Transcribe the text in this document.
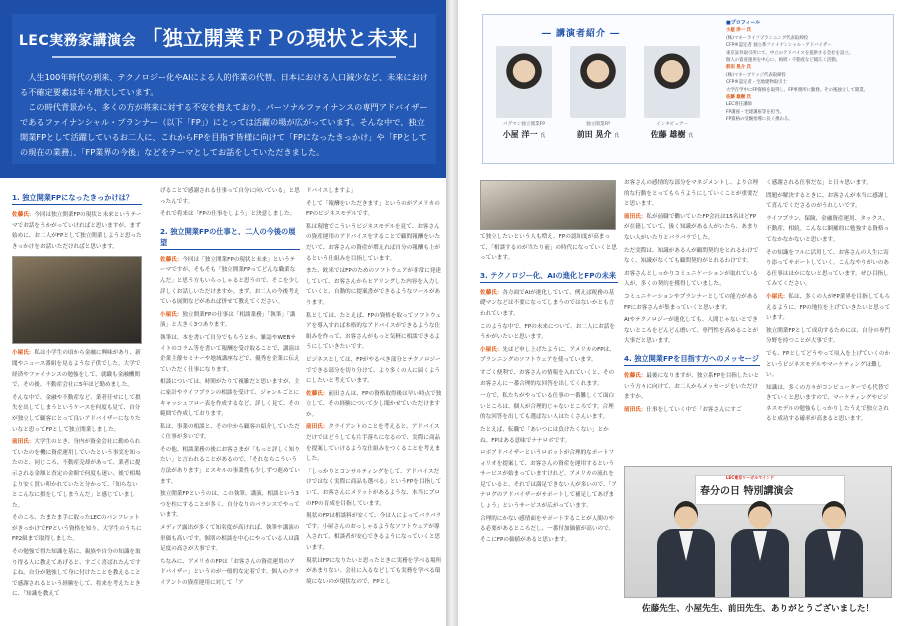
LEC実務家講演会 「独立開業ＦＰの現状と未来」

人生100年時代の到来、テクノロジー化やAIによる人的作業の代替、日本における人口減少など、未来における不確定要素は年々増大しています。

この時代背景から、多くの方が将来に対する不安を抱えており、パーソナルファイナンスの専門アドバイザーであるファイナンシャル・プランナー（以下「FP」）にとっては活躍の場が広がっています。そんな中で、独立開業FPとして活躍しているお二人に、これからFPを目指す皆様に向けて「FPになったきっかけ」や「FPとしての現在の業務」、「FP業界の今後」などをテーマとしてお話をしていただきました。

1. 独立開業FPになったきっかけは？

佐藤氏：今回は独立開業FPの現状と未来というテーマでお話をうかがっていければと思いますが、まず始めに、お二人がFPとして独立開業しようと思ったきっかけをお話いただければと思います。

小屋氏：私は小学生の頃から金融に興味があり、新聞やニュース番組を見るような子供でした。大学で経済やファイナンスの勉強をして、就職も金融機関で、その後、不動産会社に5年ほど勤めました。

そんな中で、金融や不動産など、業者任せにして損失を出してしまうというケースを何度も見て、自分が独立して顧客にとって良いアドバイザーになりたいなと思ってFPとして独立開業しました。

前田氏：大学生のとき、身内が資金会社に勤められていたのを機に資産運用していたという事実を知ったのと、同じころ、不動産売却があって、業者に提示される金額と査定の金額で何度も迷い、後で相場より安く買い叩かれていたと分かって、「知らないとこんなに損をしてしまうんだ」と感じていました。

そのころ、たまたま手に取ったLECのパンフレットがきっかけでFPという資格を知り、大学生のうちにFP2級まで取得しました。

その勉強で得た知識を基に、親族や自分の知識を取り得る人に教えてあげると、すごく喜ばれたんですよね。自分が勉強して身に付けたことを教えることで感謝されるという経験をして、将来を考えたときに、「知識を教えて

げることで感謝される仕事って自分に向いている」と思ったんです。

それで将来は「FPの仕事をしよう」と決意しました。

2. 独立開業FPの仕事と、二人の今後の展望

佐藤氏：今回は「独立開業FPの現状と未来」というテーマですが、そもそも「独立開業FPってどんな職業なんだ」と思う方もいらっしゃると思うので、そこを少し詳しくお話しいただけますか。まず、お二人の今後考えている展開などがあれば併せて教えてください。

小屋氏：独立開業FPの仕事は「相談業務」「執筆」「講演」と大きく3つあります。

執筆は、本を書いて自分でもらうとか、雑誌やWEBサイトのコラム等を書いて報酬を受け取ることで、講演は企業主催セミナーや地域講座などで、優秀を企業に伝えていただく仕事になります。

相談については、時間がたりて複雑だと思いますが、主に家計やライフプランの相談を受けて、ジャンルごとにキャッシュフロー表を作成するなど、詳しく見て、その範囲で作成しております。

私は、事業の相談と、その中から顧客の紹介していただく仕事が多いです。

その他、相談業務の後にお客さまが「もっと詳しく知りたい」と言われることがあるので、「それならこういう方法があります」とスキルの事業性も少しずつ進めています。

独立開業FPというのは、この執筆、講演、相談という3つを柱にすることが多く、自分なりのバランスでやっています。

メディア露出が多くて知名度が高ければ、執筆や講演の単価も高いです。個別の相談を中心にやっている人は満足度の高さが大事です。

ちなみに、アメリカのFPは「お客さんの資産運用のアドバイザー」というのが一般的な定着です。個人のクライアントの資産運用に対して「ア

ドバイスしますよ」

そして「報酬をいただきます」というのがアメリカのFPのビジネスモデルです。

私は現地でこういうビジネスモデルを見て、お客さんの資産運用のアドバイスをすることで顧問報酬をいただいて、お客さんの資産が増えれば自分の報酬も上がるという仕組みを目指しています。

また、欧米ではFPのためのソフトウェアが非常に発達していて、お客さんからヒアリングした内容を入力していくと、自動的に提案書ができるようなツールがあります。

私としては、たとえば、FPの資格を取ってソフトウェアを導入すれば本格的なアドバイスができるような仕組みを作って、お客さんがもっと気軽に相談できるようにしていきたいです。

ビジネスとしては、FPがやるべき部分とテクノロジーでできる部分を切り分けて、より多くの人に届くようにしたいと考えています。

佐藤氏：前田さんは、FPの資格取得後は早い時点で独立して、その経験について少し聞かせていただけますか。

前田氏：クライアントのことを考えると、アドバイスだけではどうしても片手落ちになるので、実際に商品を提案していけるような仕組みをつくることを考えました。

「しっかりとコンサルティングをして、アドバイスだけではなく実際に商品も選べる」というFPを目指していて、お客さんにメリットがあるような、本当にプロのFPの育成を目指しています。

現状のFPは相談料が安くて、今は人によってバラバラです。小屋さんのおっしゃるようなソフトウェアが導入されて、相談者が安心できるようになっていくと思います。

現状はFPになりたいと思ったときに実務を学べる場所があまりない。会社に入るなどしても実務を学べる環境にないのが現状なので、FPとし

― 講演者紹介 ―
パグマン独立開業FP
小屋 洋一 氏
独立開業FP
前田 晃介 氏
インタビュアー
佐藤 雄樹 氏
■プロフィール
小屋 洋一 氏
(株)マネーライフプランニング代表取締役
CFP®認定者 独立系ファイナンシャル・アドバイザー
東京証券取引所にて、中立のアドバイスを提供する会社を設立。
個人の資産運用を中心に、相続・不動産など幅広く活動。
前田 晃介 氏
(株)マネーブリッジ代表取締役
CFP®認定者・宅地建物取引士
大学在学中にFP資格を取得し、FP事務所に勤務。その後独立して開業。
佐藤 雄樹 氏
LEC専任講師
FP講座・宅建講座等を担当。
FP資格の受験指導に長く携わる。

て独立したいという人も増え、FPの認知度が高まって、「相談するのが当たり前」の時代になっていくと思っています。

3. テクノロジー化、AIの進化とFPの未来

佐藤氏：各方面でAIが進化していて、例えば税務の基礎マンなどは不要になってしまうのではないかとも言われています。

このような中で、FPの未来について、お二人にお話をうかがいたいと思います。

小屋氏：先ほど申し上げたように、アメリカのFPは、プランニングのソフトウェアを使っています。

すごく便利で、お客さんの情報を入れていくと、そのお客さんに一番合理的な回答を出してくれます。

一方で、私たちがやっている仕事の一番難しくて面白いところは、個人が合理的じゃないところです。合理的な回答を出しても選ばない人はたくさんいます。

たとえば、転職で「あいつには負けたくない」とかね。FPはある意味でナナロボです。

ロボアドバイザーというロボットが合理的なポートフォリオを提案して、お客さんの資産を運用するというサービスが始まっていますけれど、アメリカの流れを見ていると、それでは満足できない人が多いので、「アナログのアドバイザーがサポートして補足してあげましょう」というサービスが広がっています。

合理的にかない感情面をサポートすることが人間のやる必要があるところだし、一番付加価値が高いので、そこにFPの価値があると思います。

お客さんの感情的な部分をマネジメントし、より合理的な行動をとってもらうようにしていくことが重要だと思います。

前田氏：私が前職で働いていたFP会社は15名ほどFPが在籍していて、扱く知識がある人がいたら、あまりない人がいたりとバラバラでした。

ただ実際は、知識がある人が顧問契約をとれるわけでなく、知識がなくても顧問契約がとれるわけです。

お客さんとしっかりコミュニケーションが取れている人が、多くの契約を獲得していました。

コミュニケーションやプランナーとしての能力があるFPにお客さんが集まっていくと思います。

AIやテクノロジーが進化しても、人間じゃないとできないところをどんどん磨いて、専門性を高めることが大事だと思います。

4. 独立開業FPを目指す方へのメッセージ

佐藤氏：最後になりますが、独立系FPを目指したいという方々に向けて、お二人からメッセージをいただけますか。

前田氏：仕事をしていく中で「お客さんにすご

く感謝される仕事だな」と日々思います。

問題が解決するときに、お客さんが本当に感謝して喜んでくださるのがうれしいです。

ライフプラン、保険、金融資産運用、タックス、不動産、相続。こんなに網羅的に勉強する資格ってなかなかないと思います。

その知識をフルに活用して、お客さんの人生に寄り添ってサポートしていく。こんなやりがいのある仕事はほかにないと思っています。ぜひ目指してみてください。

小屋氏：私は、多くの人がFP業界を目指してもらえるように、FPの地位を上げていきたいと思っています。

独立開業FPとして成功するためには、自分の専門分野を持つことが大事です。

でも、FPとしてどうやって収入を上げていくのかというビジネスモデルやマーケティングは難しい。

知識は、多くの方々がコンピューターでも代替できていくと思いますので、マーケティングやビジネスモデルの勉強もしっかりしたうえで独立されると成功する確率が高まると思います。

LEC東京リーガルマインド
春分の日 特別講演会
佐藤先生、小屋先生、前田先生、ありがとうございました！
